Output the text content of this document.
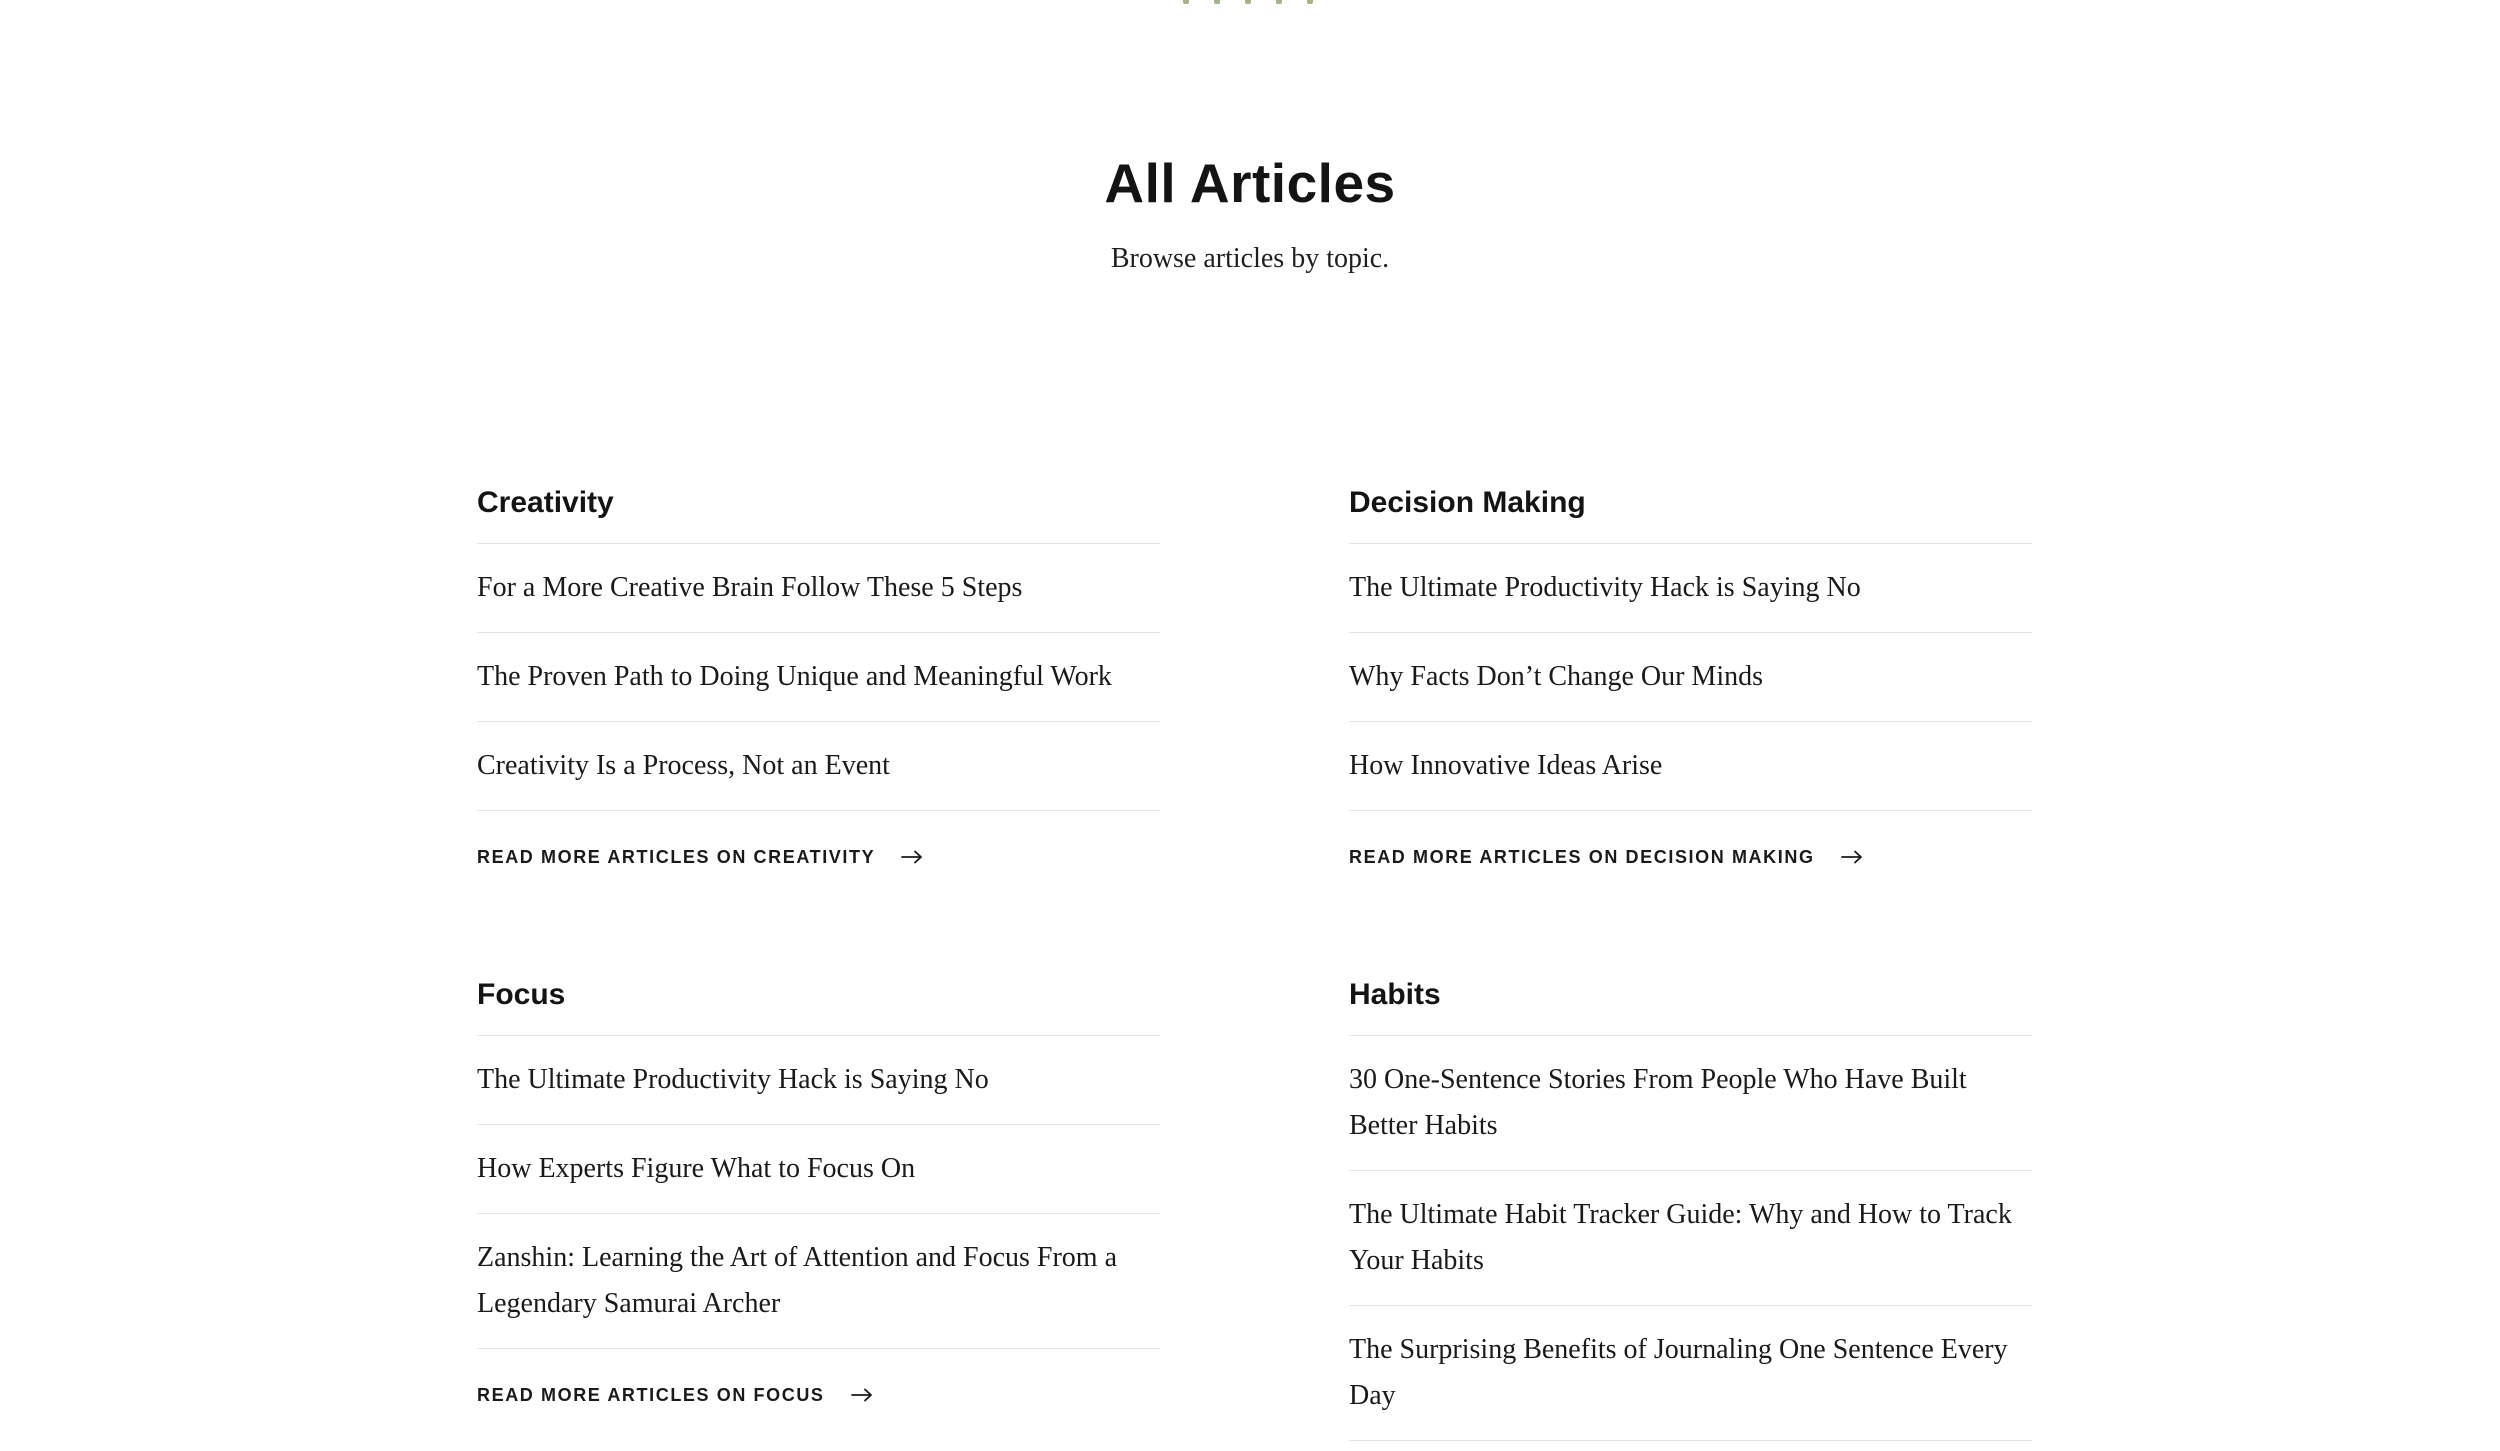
All Articles

Browse articles by topic.

Creativity
For a More Creative Brain Follow These 5 Steps
The Proven Path to Doing Unique and Meaningful Work
Creativity Is a Process, Not an Event
READ MORE ARTICLES ON CREATIVITY
Decision Making
The Ultimate Productivity Hack is Saying No
Why Facts Don’t Change Our Minds
How Innovative Ideas Arise
READ MORE ARTICLES ON DECISION MAKING
Focus
The Ultimate Productivity Hack is Saying No
How Experts Figure What to Focus On
Zanshin: Learning the Art of Attention and Focus From a Legendary Samurai Archer
READ MORE ARTICLES ON FOCUS
Habits
30 One-Sentence Stories From People Who Have Built Better Habits
The Ultimate Habit Tracker Guide: Why and How to Track Your Habits
The Surprising Benefits of Journaling One Sentence Every Day
